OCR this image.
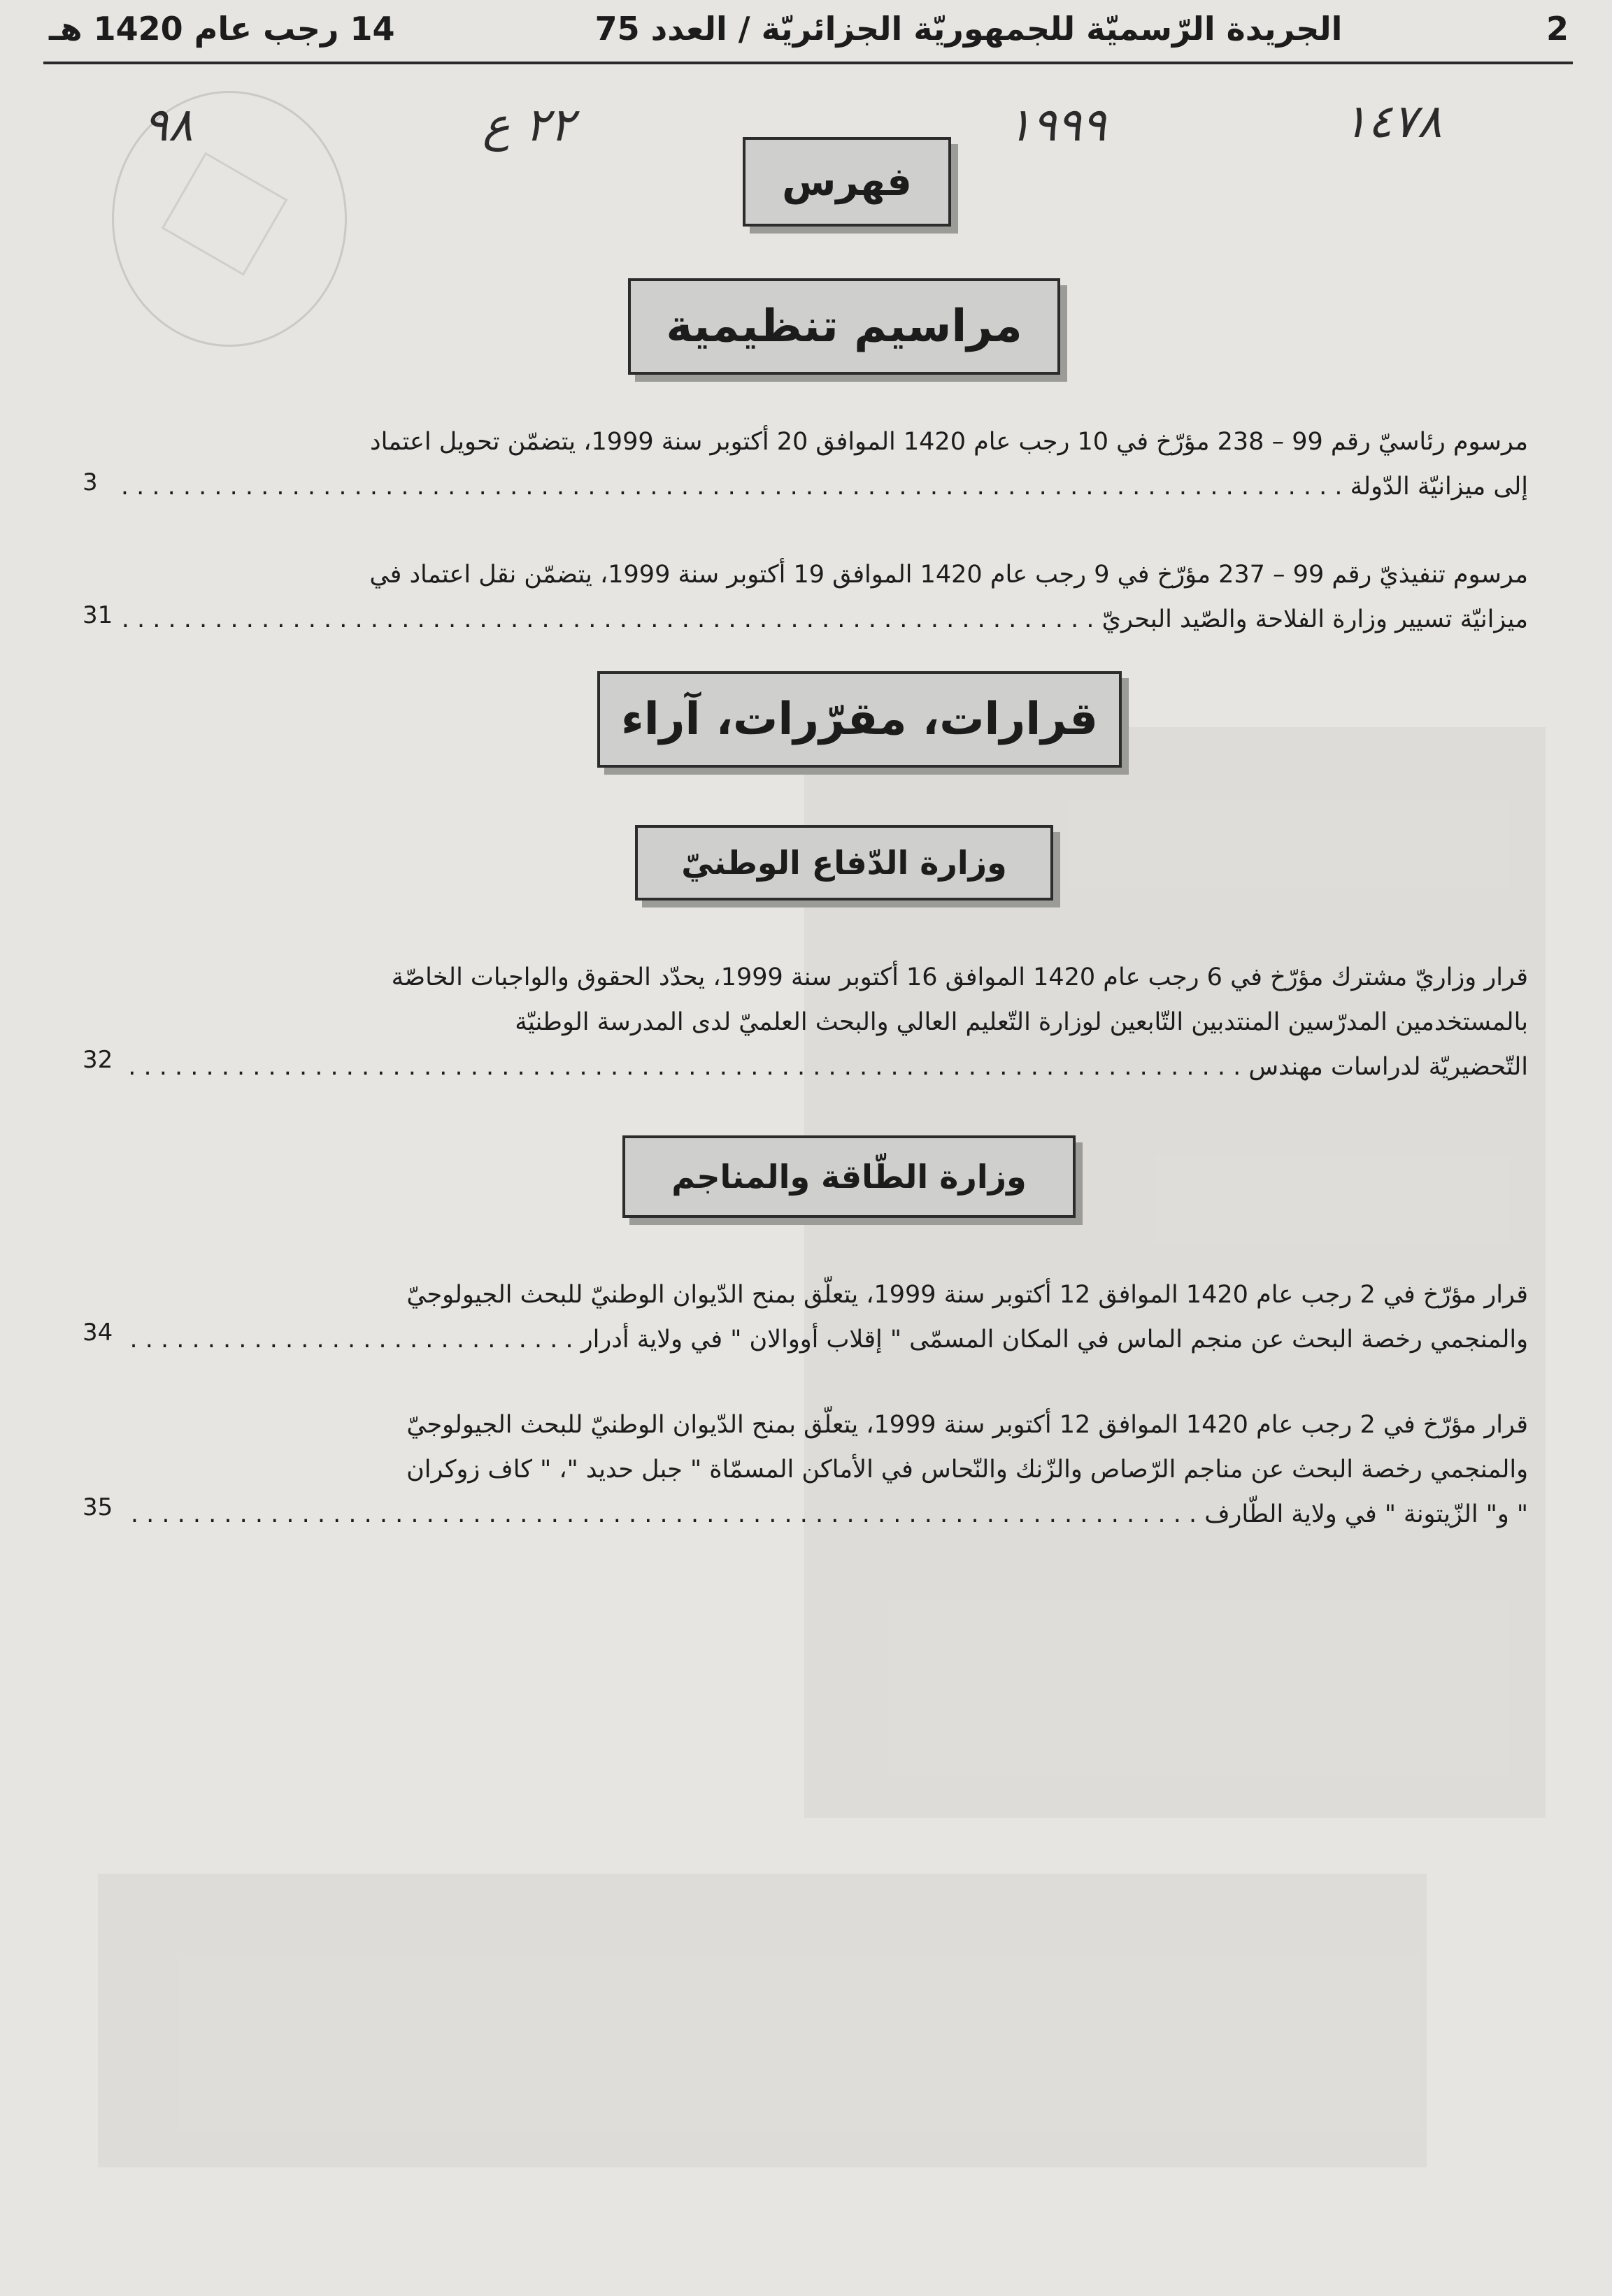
2
الجريدة الرّسميّة للجمهوريّة الجزائريّة / العدد 75
14 رجب عام 1420 هـ
٩٨	٢٢ ع	١٩٩٩	١٤٧٨
فهرس
مراسيم تنظيمية
مرسوم رئاسيّ رقم 99 – 238 مؤرّخ في 10 رجب عام 1420 الموافق 20 أكتوبر سنة 1999، يتضمّن تحويل اعتماد
إلى ميزانيّة الدّولة . . .
3
مرسوم تنفيذيّ رقم 99 – 237 مؤرّخ في 9 رجب عام 1420 الموافق 19 أكتوبر سنة 1999، يتضمّن نقل اعتماد في
ميزانيّة تسيير وزارة الفلاحة والصّيد البحريّ . . .
31
قرارات، مقرّرات، آراء
وزارة الدّفاع الوطنيّ
قرار وزاريّ مشترك مؤرّخ في 6 رجب عام 1420 الموافق 16 أكتوبر سنة 1999، يحدّد الحقوق والواجبات الخاصّة
بالمستخدمين المدرّسين المنتدبين التّابعين لوزارة التّعليم العالي والبحث العلميّ لدى المدرسة الوطنيّة
التّحضيريّة لدراسات مهندس . . .
32
وزارة الطّاقة والمناجم
قرار مؤرّخ في 2 رجب عام 1420 الموافق 12 أكتوبر سنة 1999، يتعلّق بمنح الدّيوان الوطنيّ للبحث الجيولوجيّ
والمنجمي رخصة البحث عن منجم الماس في المكان المسمّى " إقلاب أووالان " في ولاية أدرار . . .
34
قرار مؤرّخ في 2 رجب عام 1420 الموافق 12 أكتوبر سنة 1999، يتعلّق بمنح الدّيوان الوطنيّ للبحث الجيولوجيّ
والمنجمي رخصة البحث عن مناجم الرّصاص والزّنك والنّحاس في الأماكن المسمّاة " جبل حديد "، " كاف زوكران
" و" الزّيتونة " في ولاية الطّارف . . .
35
